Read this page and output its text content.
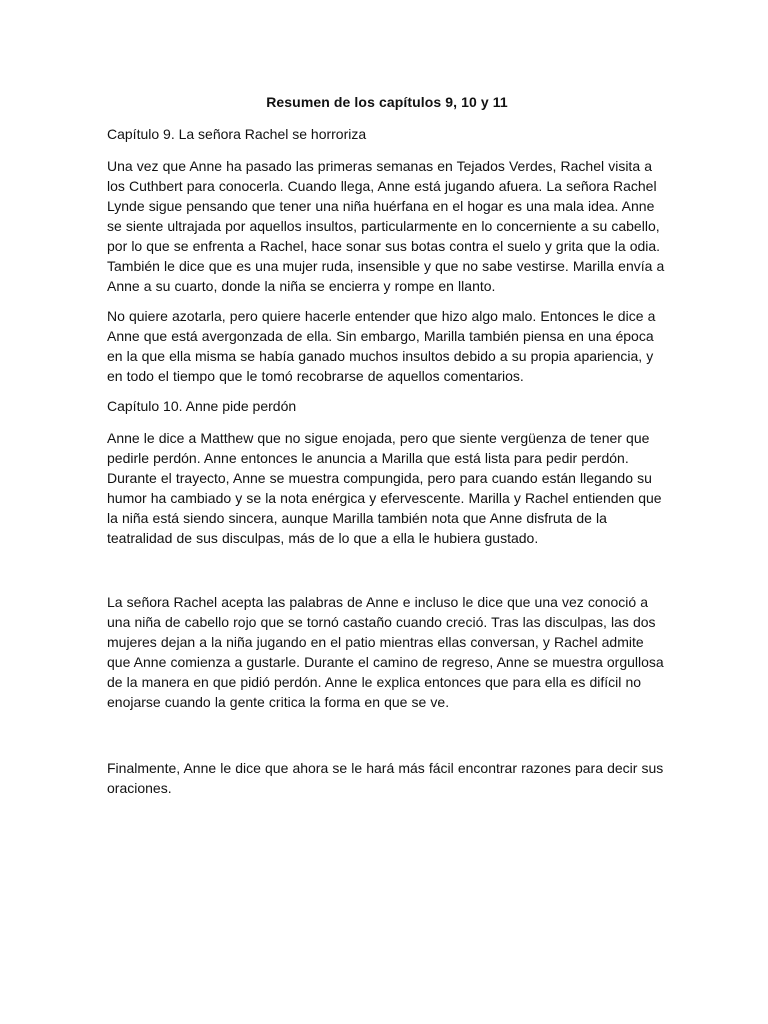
Resumen de los capítulos 9, 10 y 11
Capítulo 9. La señora Rachel se horroriza

Una vez que Anne ha pasado las primeras semanas en Tejados Verdes, Rachel visita a los Cuthbert para conocerla. Cuando llega, Anne está jugando afuera. La señora Rachel Lynde sigue pensando que tener una niña huérfana en el hogar es una mala idea. Anne se siente ultrajada por aquellos insultos, particularmente en lo concerniente a su cabello, por lo que se enfrenta a Rachel, hace sonar sus botas contra el suelo y grita que la odia. También le dice que es una mujer ruda, insensible y que no sabe vestirse. Marilla envía a Anne a su cuarto, donde la niña se encierra y rompe en llanto.

No quiere azotarla, pero quiere hacerle entender que hizo algo malo. Entonces le dice a Anne que está avergonzada de ella. Sin embargo, Marilla también piensa en una época en la que ella misma se había ganado muchos insultos debido a su propia apariencia, y en todo el tiempo que le tomó recobrarse de aquellos comentarios.

Capítulo 10. Anne pide perdón

Anne le dice a Matthew que no sigue enojada, pero que siente vergüenza de tener que pedirle perdón. Anne entonces le anuncia a Marilla que está lista para pedir perdón. Durante el trayecto, Anne se muestra compungida, pero para cuando están llegando su humor ha cambiado y se la nota enérgica y efervescente. Marilla y Rachel entienden que la niña está siendo sincera, aunque Marilla también nota que Anne disfruta de la teatralidad de sus disculpas, más de lo que a ella le hubiera gustado.

La señora Rachel acepta las palabras de Anne e incluso le dice que una vez conoció a una niña de cabello rojo que se tornó castaño cuando creció. Tras las disculpas, las dos mujeres dejan a la niña jugando en el patio mientras ellas conversan, y Rachel admite que Anne comienza a gustarle. Durante el camino de regreso, Anne se muestra orgullosa de la manera en que pidió perdón. Anne le explica entonces que para ella es difícil no enojarse cuando la gente critica la forma en que se ve.

Finalmente, Anne le dice que ahora se le hará más fácil encontrar razones para decir sus oraciones.
